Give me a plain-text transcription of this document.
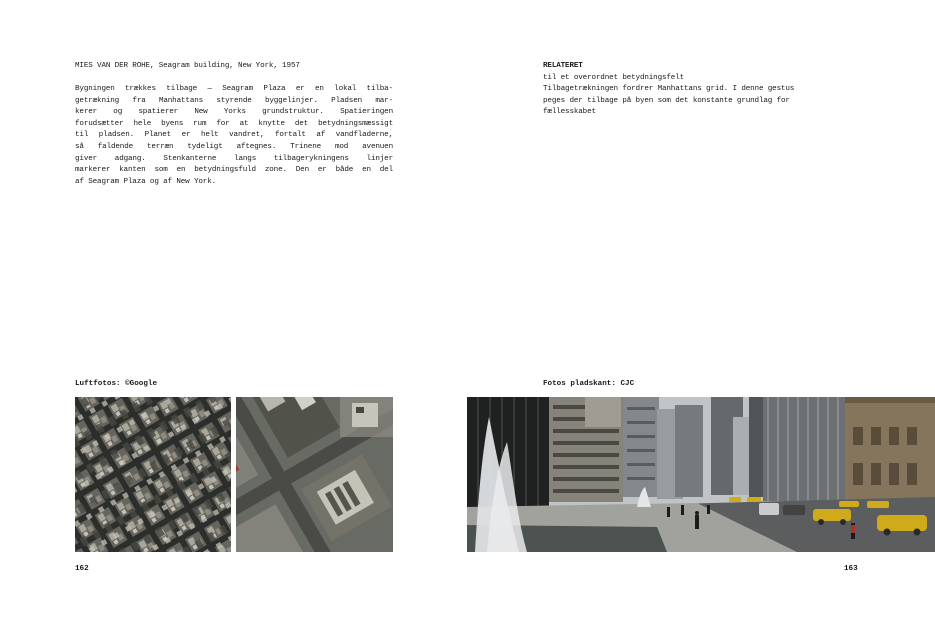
MIES VAN DER ROHE, Seagram building, New York, 1957
Bygningen trækkes tilbage — Seagram Plaza er en lokal tilba-
getrækning fra Manhattans styrende byggelinjer. Pladsen mar-
kerer og spatierer New Yorks grundstruktur. Spatieringen
forudsætter hele byens rum for at knytte det betydningsmæssigt
til pladsen. Planet er helt vandret, fortalt af vandfladerne,
så faldende terræn tydeligt aftegnes. Trinene mod avenuen
giver adgang. Stenkanterne langs tilbagerykningens linjer
markerer kanten som en betydningsfuld zone. Den er både en del
af Seagram Plaza og af New York.
Luftfotos: ©Google
162
RELATERET
til et overordnet betydningsfelt
Tilbagetrækningen fordrer Manhattans grid. I denne gestus
peges der tilbage på byen som det konstante grundlag for
fællesskabet
Fotos pladskant: CJC
163
